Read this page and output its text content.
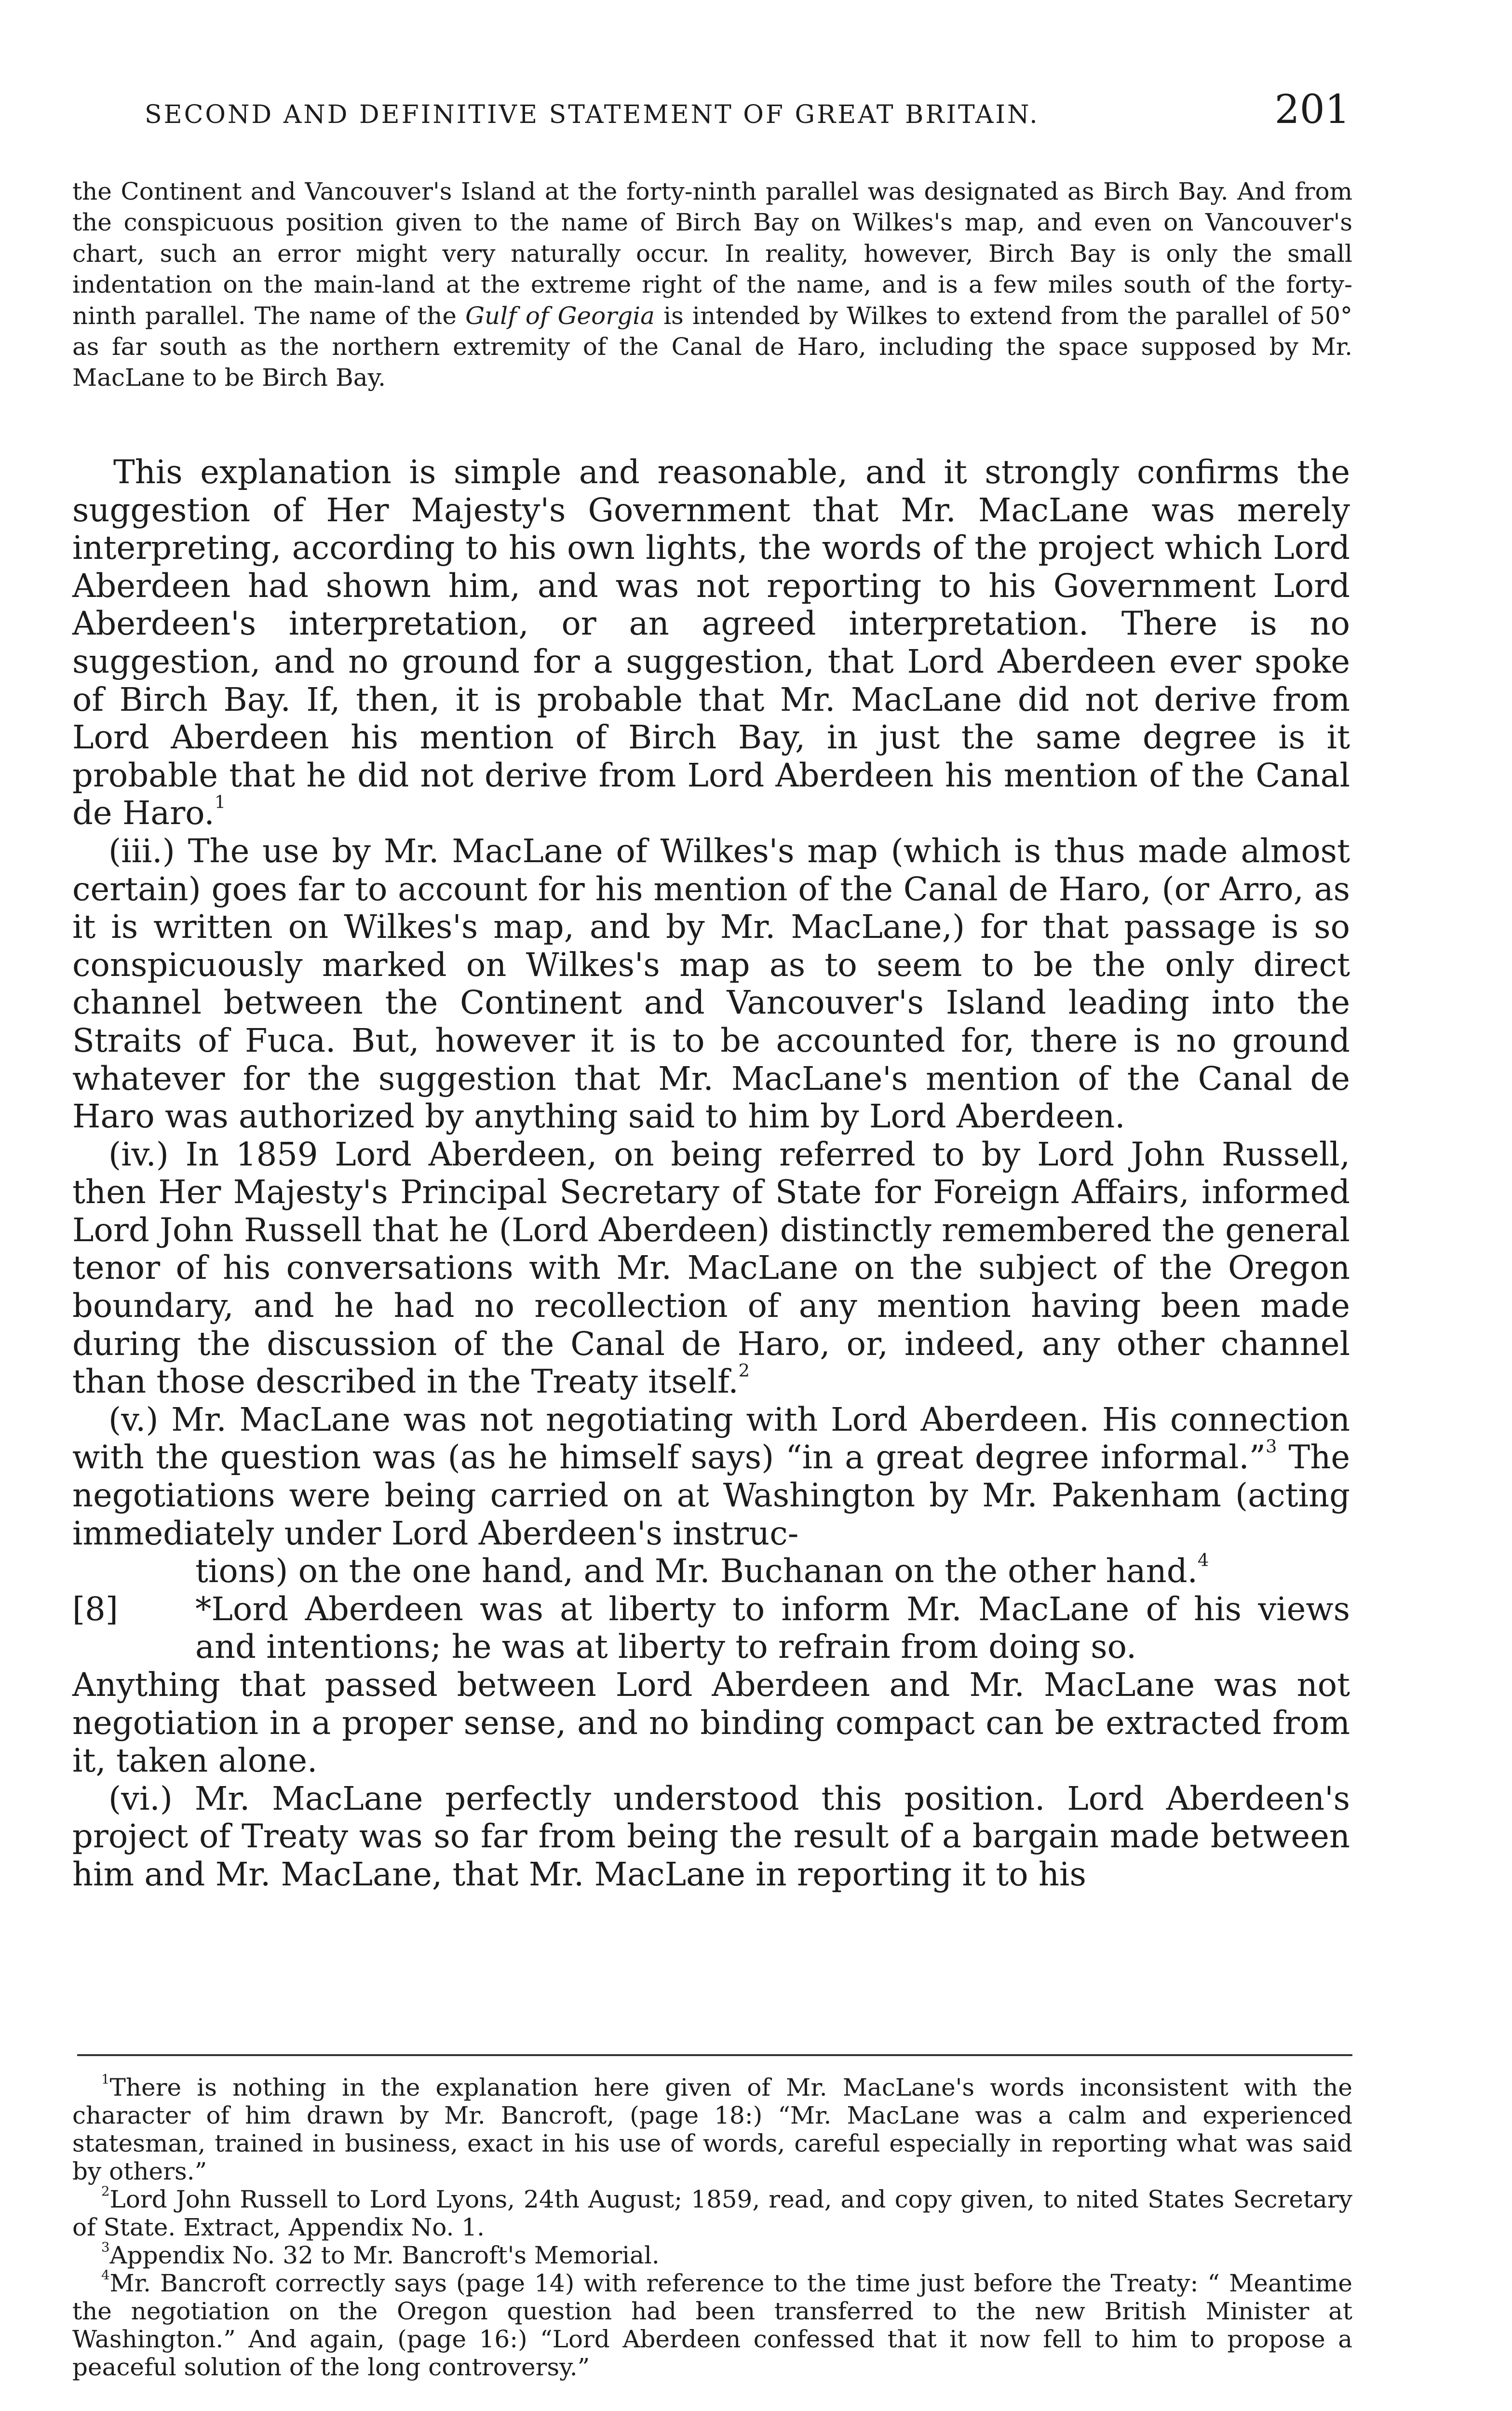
SECOND AND DEFINITIVE STATEMENT OF GREAT BRITAIN.	201

the Continent and Vancouver's Island at the forty-ninth parallel was designated as Birch Bay. And from the conspicuous position given to the name of Birch Bay on Wilkes's map, and even on Vancouver's chart, such an error might very naturally occur. In reality, however, Birch Bay is only the small indentation on the main-land at the extreme right of the name, and is a few miles south of the forty-ninth parallel. The name of the Gulf of Georgia is intended by Wilkes to extend from the parallel of 50° as far south as the northern extremity of the Canal de Haro, including the space supposed by Mr. MacLane to be Birch Bay.

This explanation is simple and reasonable, and it strongly confirms the suggestion of Her Majesty's Government that Mr. MacLane was merely interpreting, according to his own lights, the words of the project which Lord Aberdeen had shown him, and was not reporting to his Government Lord Aberdeen's interpretation, or an agreed interpretation. There is no suggestion, and no ground for a suggestion, that Lord Aberdeen ever spoke of Birch Bay. If, then, it is probable that Mr. MacLane did not derive from Lord Aberdeen his mention of Birch Bay, in just the same degree is it probable that he did not derive from Lord Aberdeen his mention of the Canal de Haro.$^1$

(iii.) The use by Mr. MacLane of Wilkes's map (which is thus made almost certain) goes far to account for his mention of the Canal de Haro, (or Arro, as it is written on Wilkes's map, and by Mr. MacLane,) for that passage is so conspicuously marked on Wilkes's map as to seem to be the only direct channel between the Continent and Vancouver's Island leading into the Straits of Fuca. But, however it is to be accounted for, there is no ground whatever for the suggestion that Mr. MacLane's mention of the Canal de Haro was authorized by anything said to him by Lord Aberdeen.

(iv.) In 1859 Lord Aberdeen, on being referred to by Lord John Russell, then Her Majesty's Principal Secretary of State for Foreign Affairs, informed Lord John Russell that he (Lord Aberdeen) distinctly remembered the general tenor of his conversations with Mr. MacLane on the subject of the Oregon boundary, and he had no recollection of any mention having been made during the discussion of the Canal de Haro, or, indeed, any other channel than those described in the Treaty itself.$^2$

(v.) Mr. MacLane was not negotiating with Lord Aberdeen. His connection with the question was (as he himself says) “in a great degree informal.”$^3$ The negotiations were being carried on at Washington by Mr. Pakenham (acting immediately under Lord Aberdeen's instruc-

tions) on the one hand, and Mr. Buchanan on the other hand.$^4$

[8]	*Lord Aberdeen was at liberty to inform Mr. MacLane of his views and intentions; he was at liberty to refrain from doing so.

Anything that passed between Lord Aberdeen and Mr. MacLane was not negotiation in a proper sense, and no binding compact can be extracted from it, taken alone.

(vi.) Mr. MacLane perfectly understood this position. Lord Aberdeen's project of Treaty was so far from being the result of a bargain made between him and Mr. MacLane, that Mr. MacLane in reporting it to his

$^1$There is nothing in the explanation here given of Mr. MacLane's words inconsistent with the character of him drawn by Mr. Bancroft, (page 18:) “Mr. MacLane was a calm and experienced statesman, trained in business, exact in his use of words, careful especially in reporting what was said by others.”

$^2$Lord John Russell to Lord Lyons, 24th August; 1859, read, and copy given, to nited States Secretary of State. Extract, Appendix No. 1.

$^3$Appendix No. 32 to Mr. Bancroft's Memorial.

$^4$Mr. Bancroft correctly says (page 14) with reference to the time just before the Treaty: “ Meantime the negotiation on the Oregon question had been transferred to the new British Minister at Washington.” And again, (page 16:) “Lord Aberdeen confessed that it now fell to him to propose a peaceful solution of the long controversy.”
